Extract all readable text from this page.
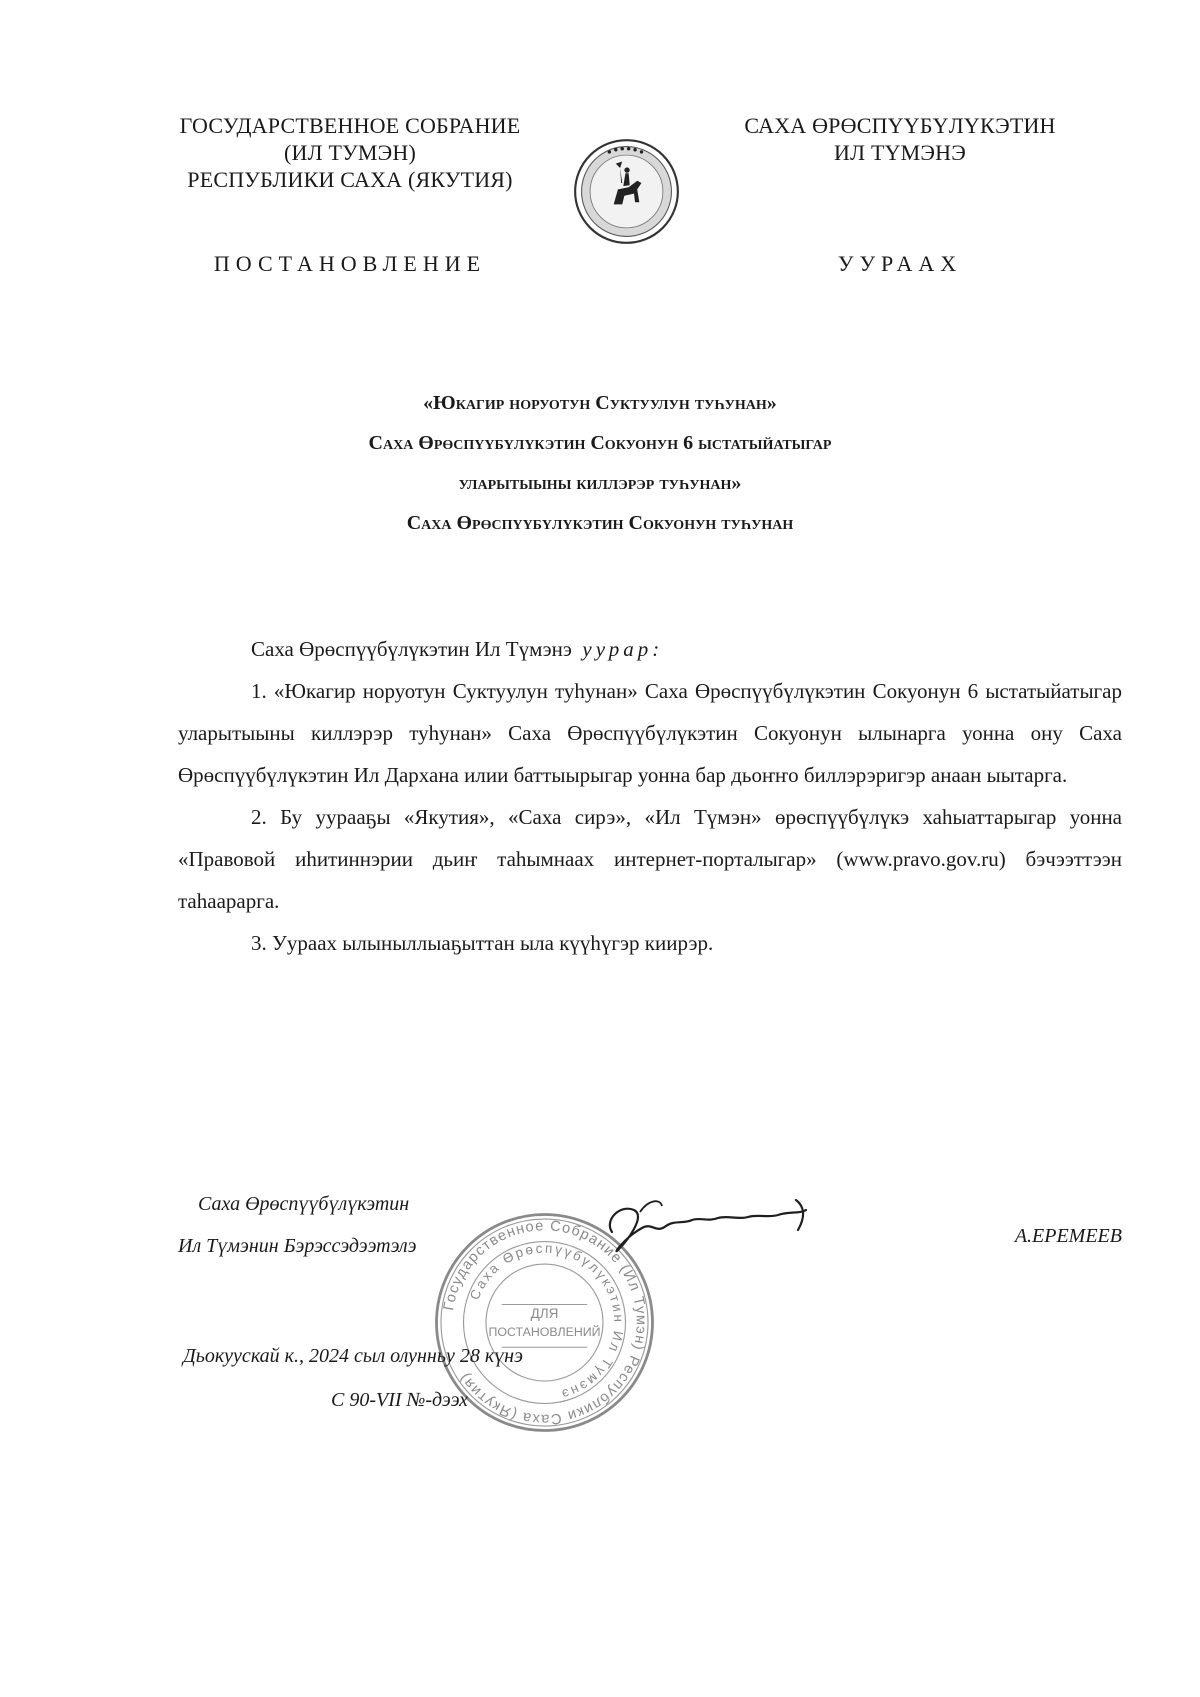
ГОСУДАРСТВЕННОЕ СОБРАНИЕ
(ИЛ ТУМЭН)
РЕСПУБЛИКИ САХА (ЯКУТИЯ)
САХА ӨРӨСПҮҮБҮЛҮКЭТИН
ИЛ ТҮМЭНЭ
ПОСТАНОВЛЕНИЕ	УУРААХ
«Юкагир норуотун Суктуулун туһунан»
Саха Өрөспүүбүлүкэтин Сокуонун 6 ыстатыйатыгар
уларытыыны киллэрэр туһунан»
Саха Өрөспүүбүлүкэтин Сокуонун туһунан

Саха Өрөспүүбүлүкэтин Ил Түмэнэ уурар:

1. «Юкагир норуотун Суктуулун туһунан» Саха Өрөспүүбүлүкэтин Сокуонун 6 ыстатыйатыгар уларытыыны киллэрэр туһунан» Саха Өрөспүүбүлүкэтин Сокуонун ылынарга уонна ону Саха Өрөспүүбүлүкэтин Ил Дархана илии баттыырыгар уонна бар дьоҥҥо биллэрэригэр анаан ыытарга.

2. Бу уурааҕы «Якутия», «Саха сирэ», «Ил Түмэн» өрөспүүбүлүкэ хаһыаттарыгар уонна «Правовой иһитиннэрии дьиҥ таһымнаах интернет-порталыгар» (www.pravo.gov.ru) бэчээттээн таһаарарга.

3. Уураах ылыныллыаҕыттан ыла күүһүгэр киирэр.

Саха Өрөспүүбүлүкэтин
Ил Түмэнин Бэрэссэдээтэлэ
Государственное Собрание (Ил Тумэн) Республики Саха (Якутия)
Саха Өрөспүүбүлүкэтин Ил Түмэнэ
ДЛЯ
ПОСТАНОВЛЕНИЙ
А.ЕРЕМЕЕВ
Дьокуускай к., 2024 сыл олунньу 28 күнэ
С 90-VII №-дээх
